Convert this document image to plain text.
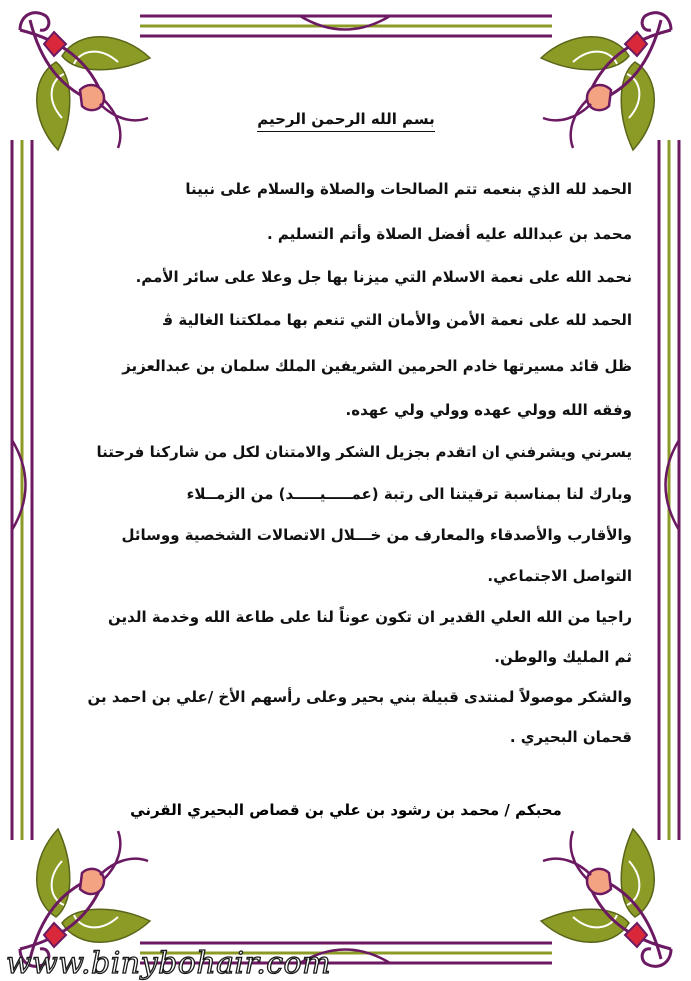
بسم الله الرحمن الرحيم

الحمد لله الذي بنعمه تتم الصالحات والصلاة والسلام على نبينا

محمد بن عبدالله عليه أفضل الصلاة وأتم التسليم .

نحمد الله على نعمة الاسلام التي ميزنا بها جل وعلا على سائر الأمم.

الحمد لله على نعمة الأمن والأمان التي تنعم بها مملكتنا الغالية ﭬ

ظل قائد مسيرتها خادم الحرمين الشريفين الملك سلمان بن عبدالعزيز

وفقه الله وولي عهده وولي ولي عهده.

يسرني ويشرفني ان اتقدم بجزيل الشكر والامتنان لكل من شاركنا فرحتنا

وبارك لنا بمناسبة ترقيتنا الى رتبة (عمـــــيـــــد) من الزمــلاء

والأقارب والأصدقاء والمعارف من خـــلال الاتصالات الشخصية ووسائل

التواصل الاجتماعي.

راجيا من الله العلي القدير ان تكون عوناً لنا على طاعة الله وخدمة الدين

ثم المليك والوطن.

والشكر موصولاً لمنتدى قبيلة بني بحير وعلى رأسهم الأخ /علي بن احمد بن

قحمان البحيري .

محبكم / محمد بن رشود بن علي بن قصاص البحيري القرني
www.binybohair.com
